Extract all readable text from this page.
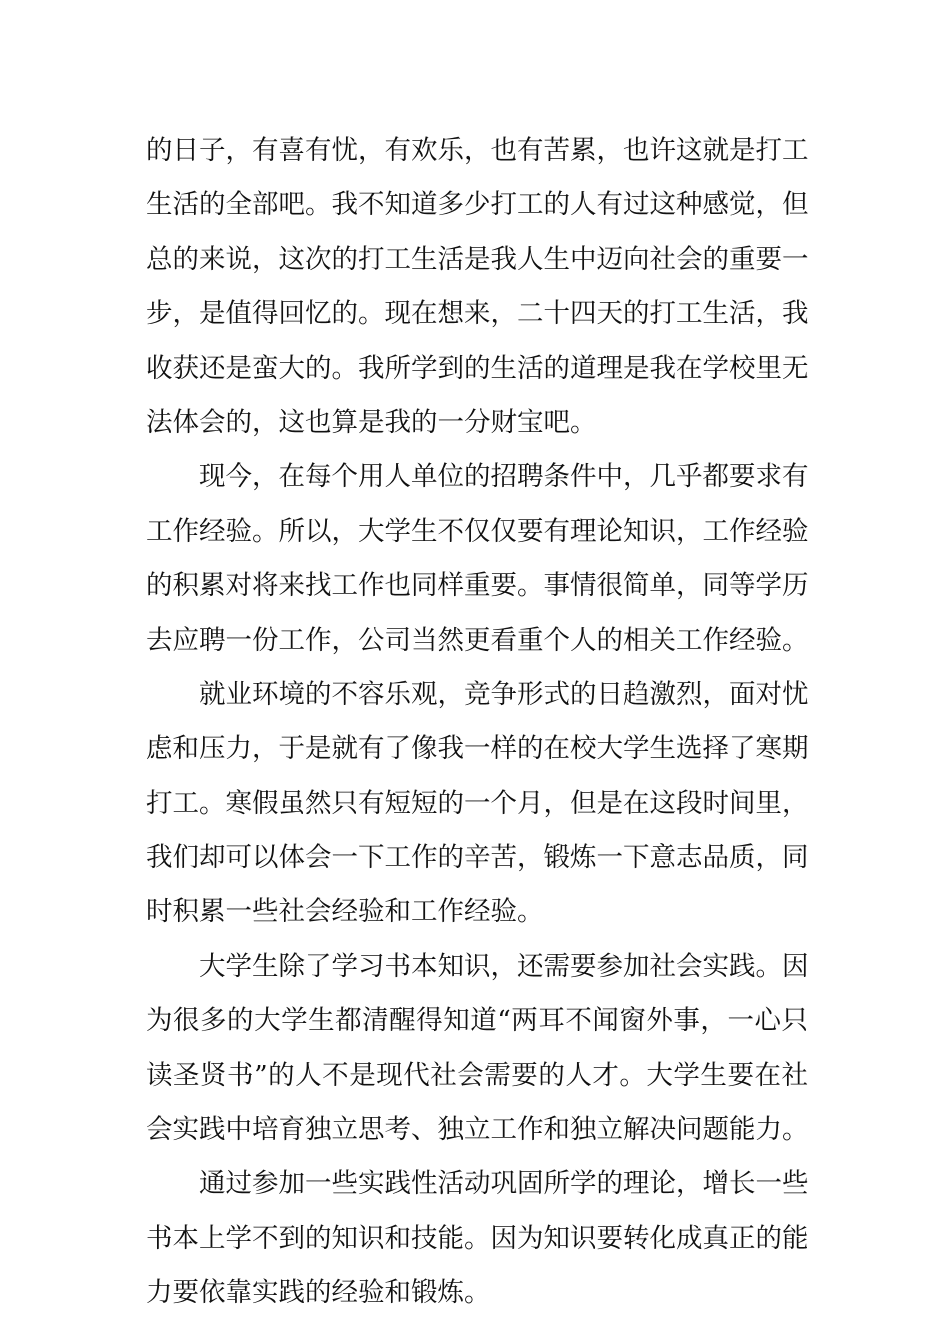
的日子，有喜有忧，有欢乐，也有苦累，也许这就是打工
生活的全部吧。我不知道多少打工的人有过这种感觉，但
总的来说，这次的打工生活是我人生中迈向社会的重要一
步，是值得回忆的。现在想来，二十四天的打工生活，我
收获还是蛮大的。我所学到的生活的道理是我在学校里无
法体会的，这也算是我的一分财宝吧。

现今，在每个用人单位的招聘条件中，几乎都要求有
工作经验。所以，大学生不仅仅要有理论知识，工作经验
的积累对将来找工作也同样重要。事情很简单，同等学历
去应聘一份工作，公司当然更看重个人的相关工作经验。

就业环境的不容乐观，竞争形式的日趋激烈，面对忧
虑和压力，于是就有了像我一样的在校大学生选择了寒期
打工。寒假虽然只有短短的一个月，但是在这段时间里，
我们却可以体会一下工作的辛苦，锻炼一下意志品质，同
时积累一些社会经验和工作经验。

大学生除了学习书本知识，还需要参加社会实践。因
为很多的大学生都清醒得知道“两耳不闻窗外事，一心只
读圣贤书”的人不是现代社会需要的人才。大学生要在社
会实践中培育独立思考、独立工作和独立解决问题能力。

通过参加一些实践性活动巩固所学的理论，增长一些
书本上学不到的知识和技能。因为知识要转化成真正的能
力要依靠实践的经验和锻炼。
